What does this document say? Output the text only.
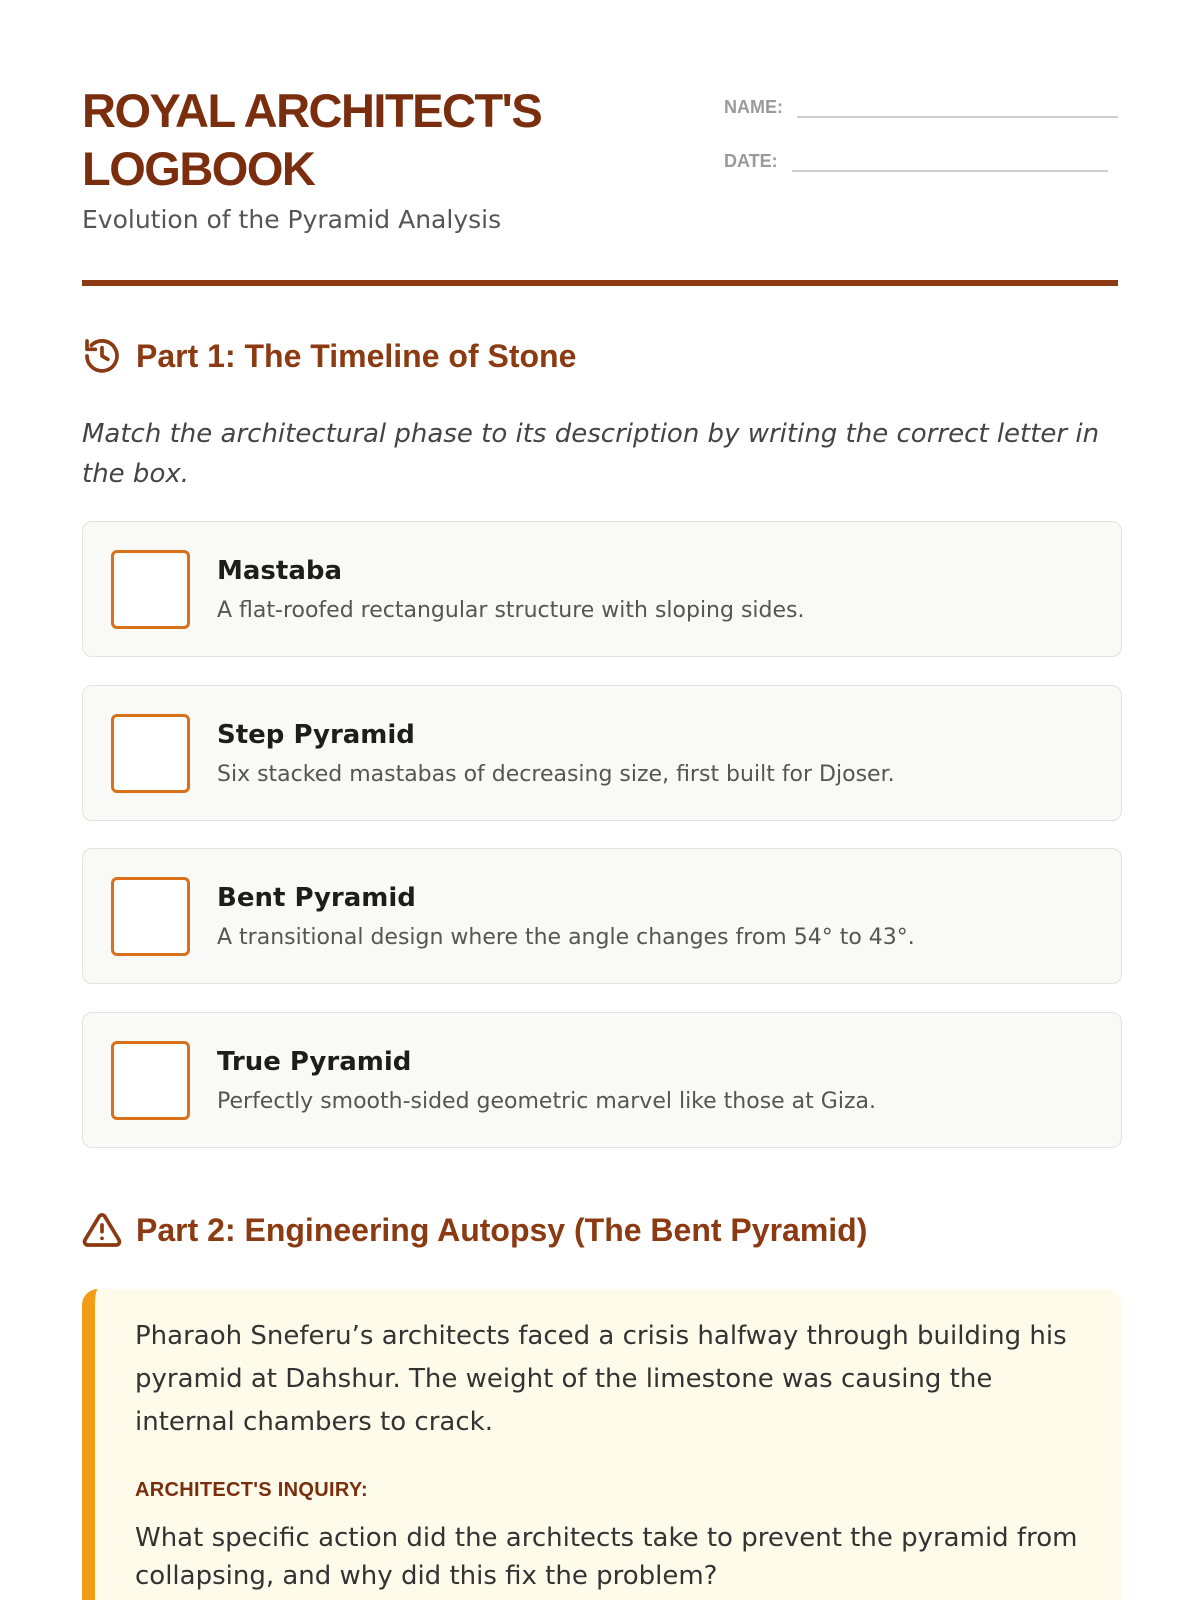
ROYAL ARCHITECT'S LOGBOOK
Evolution of the Pyramid Analysis
NAME:
DATE:
Part 1: The Timeline of Stone
Match the architectural phase to its description by writing the correct letter in the box.
Mastaba
A flat-roofed rectangular structure with sloping sides.
Step Pyramid
Six stacked mastabas of decreasing size, first built for Djoser.
Bent Pyramid
A transitional design where the angle changes from 54° to 43°.
True Pyramid
Perfectly smooth-sided geometric marvel like those at Giza.
Part 2: Engineering Autopsy (The Bent Pyramid)
Pharaoh Sneferu’s architects faced a crisis halfway through building his pyramid at Dahshur. The weight of the limestone was causing the internal chambers to crack.
ARCHITECT'S INQUIRY:
What specific action did the architects take to prevent the pyramid from collapsing, and why did this fix the problem?
